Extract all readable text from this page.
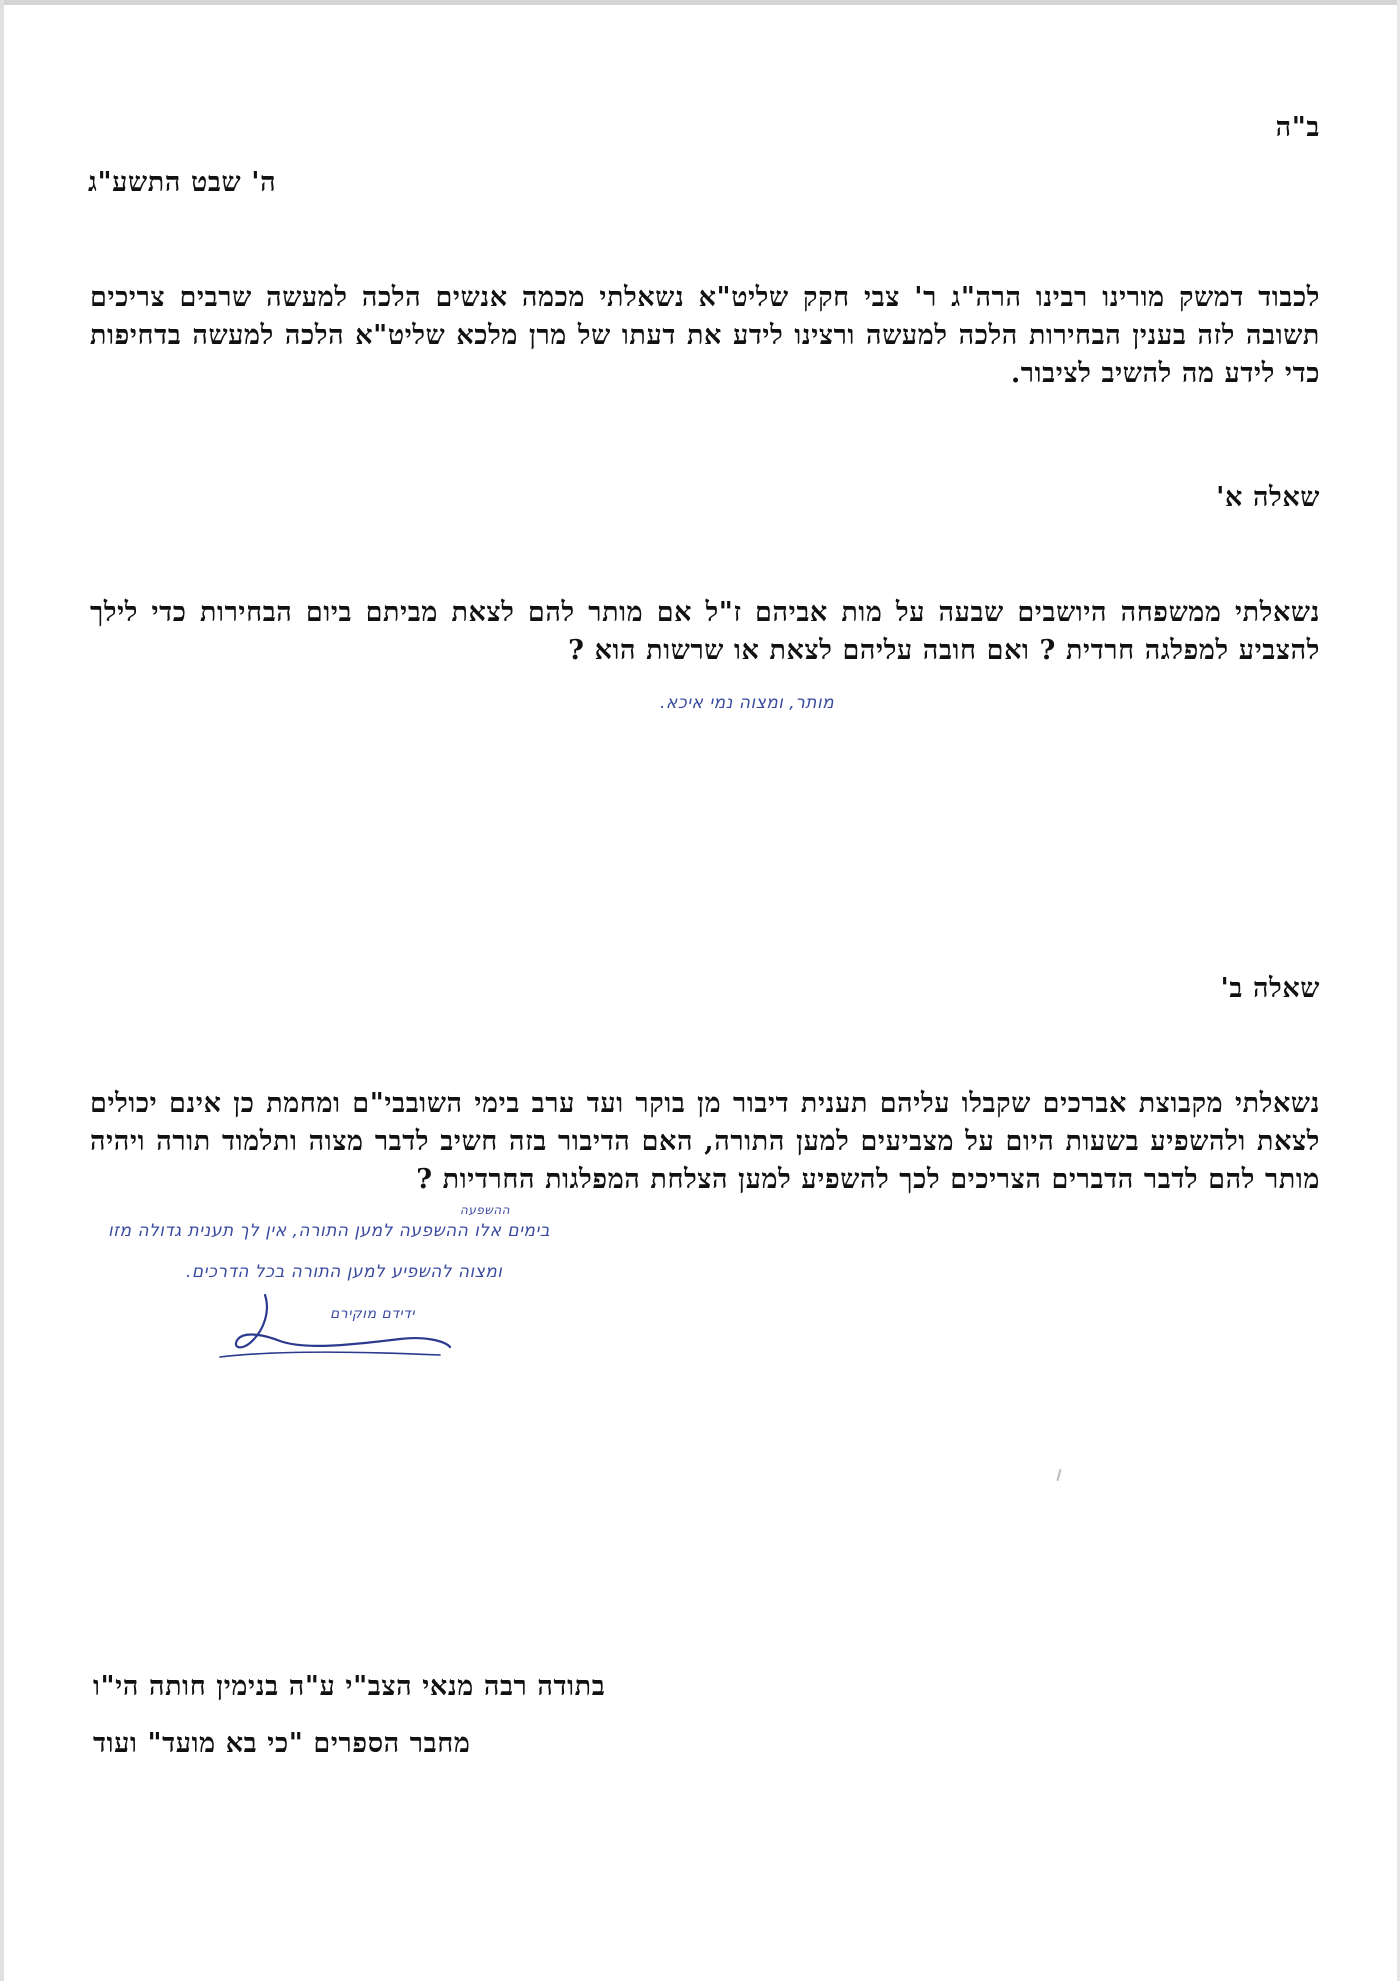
ב"ה
ה' שבט התשע"ג
לכבוד דמשק מורינו רבינו הרה"ג ר' צבי חקק שליט"א נשאלתי מכמה אנשים הלכה למעשה שרבים צריכים תשובה לזה בענין הבחירות הלכה למעשה ורצינו לידע את דעתו של מרן מלכא שליט"א הלכה למעשה בדחיפות כדי לידע מה להשיב לציבור.
שאלה א'
נשאלתי ממשפחה היושבים שבעה על מות אביהם ז"ל אם מותר להם לצאת מביתם ביום הבחירות כדי לילך להצביע למפלגה חרדית ? ואם חובה עליהם לצאת או שרשות הוא ?
מותר, ומצוה נמי איכא.
שאלה ב'
נשאלתי מקבוצת אברכים שקבלו עליהם תענית דיבור מן בוקר ועד ערב בימי השובבי"ם ומחמת כן אינם יכולים לצאת ולהשפיע בשעות היום על מצביעים למען התורה, האם הדיבור בזה חשיב לדבר מצוה ותלמוד תורה ויהיה מותר להם לדבר הדברים הצריכים לכך להשפיע למען הצלחת המפלגות החרדיות ?
ההשפעה
בימים אלו ההשפעה למען התורה, אין לך תענית גדולה מזו
ומצוה להשפיע למען התורה בכל הדרכים.
ידידם מוקירם
בתודה רבה מנאי הצב"י ע"ה בנימין חותה הי"ו
מחבר הספרים "כי בא מועד" ועוד
